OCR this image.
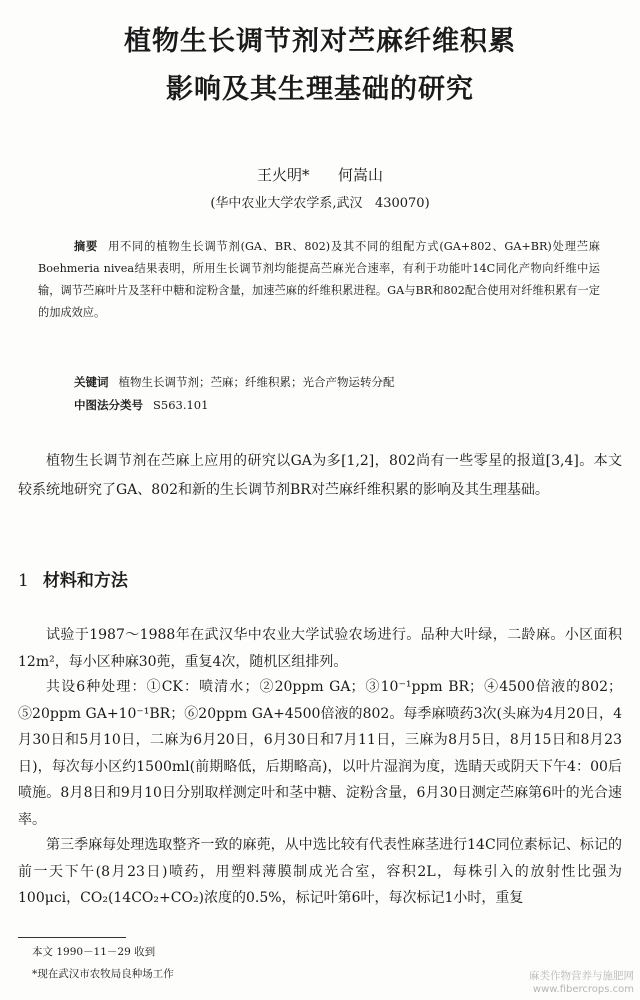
植物生长调节剂对苎麻纤维积累
影响及其生理基础的研究
王火明*      何嵩山
(华中农业大学农学系,武汉   430070)
摘要 用不同的植物生长调节剂(GA、BR、802)及其不同的组配方式(GA+802、GA+BR)处理苎麻Boehmeria nivea结果表明，所用生长调节剂均能提高苎麻光合速率，有利于功能叶14C同化产物向纤维中运输，调节苎麻叶片及茎秆中糖和淀粉含量，加速苎麻的纤维积累进程。GA与BR和802配合使用对纤维积累有一定的加成效应。
关键词 植物生长调节剂；苎麻；纤维积累；光合产物运转分配
中图法分类号 S563.101
植物生长调节剂在苎麻上应用的研究以GA为多[1,2]，802尚有一些零星的报道[3,4]。本文较系统地研究了GA、802和新的生长调节剂BR对苎麻纤维积累的影响及其生理基础。
1 材料和方法
试验于1987～1988年在武汉华中农业大学试验农场进行。品种大叶绿，二龄麻。小区面积12m²，每小区种麻30蔸，重复4次，随机区组排列。
共设6种处理：①CK：喷清水；②20ppm GA；③10⁻¹ppm BR；④4500倍液的802；⑤20ppm GA+10⁻¹BR；⑥20ppm GA+4500倍液的802。每季麻喷药3次(头麻为4月20日，4月30日和5月10日，二麻为6月20日，6月30日和7月11日，三麻为8月5日，8月15日和8月23日)，每次每小区约1500ml(前期略低，后期略高)，以叶片湿润为度，选睛天或阴天下午4：00后喷施。8月8日和9月10日分别取样测定叶和茎中糖、淀粉含量，6月30日测定苎麻第6叶的光合速率。
第三季麻每处理选取整齐一致的麻蔸，从中选比较有代表性麻茎进行14C同位素标记、标记的前一天下午(8月23日)喷药，用塑料薄膜制成光合室，容积2L，每株引入的放射性比强为100μci，CO₂(14CO₂+CO₂)浓度的0.5%，标记叶第6叶，每次标记1小时，重复
本文 1990－11－29 收到
*现在武汉市农牧局良种场工作	麻类作物营养与施肥网
www.fibercrops.com
